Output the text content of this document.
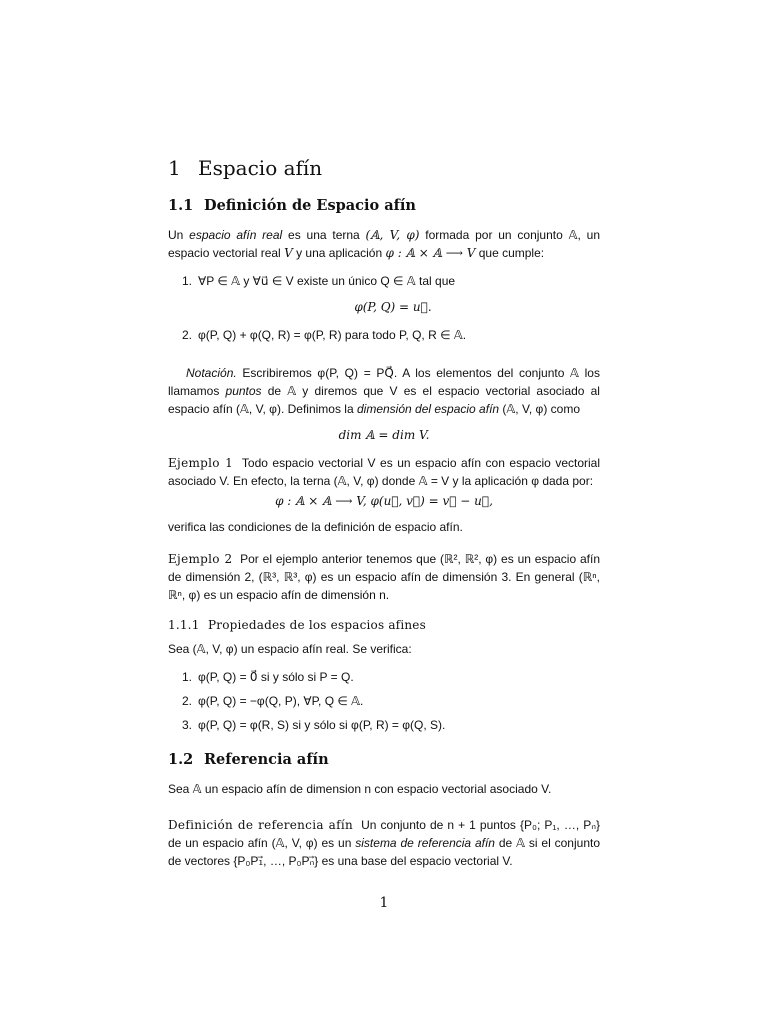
1 Espacio afín
1.1 Definición de Espacio afín

Un espacio afín real es una terna (𝔸, V, φ) formada por un conjunto 𝔸, un espacio vectorial real V y una aplicación φ : 𝔸 × 𝔸 ⟶ V que cumple:

1. ∀P ∈ 𝔸 y ∀u⃗ ∈ V existe un único Q ∈ 𝔸 tal que
φ(P, Q) = u⃗.
2. φ(P, Q) + φ(Q, R) = φ(P, R) para todo P, Q, R ∈ 𝔸.

Notación. Escribiremos φ(P, Q) = PQ⃗. A los elementos del conjunto 𝔸 los llamamos puntos de 𝔸 y diremos que V es el espacio vectorial asociado al espacio afín (𝔸, V, φ). Definimos la dimensión del espacio afín (𝔸, V, φ) como

dim 𝔸 = dim V.

Ejemplo 1 Todo espacio vectorial V es un espacio afín con espacio vectorial asociado V. En efecto, la terna (𝔸, V, φ) donde 𝔸 = V y la aplicación φ dada por:

φ : 𝔸 × 𝔸 ⟶ V, φ(u⃗, v⃗) = v⃗ − u⃗,

verifica las condiciones de la definición de espacio afín.

Ejemplo 2 Por el ejemplo anterior tenemos que (ℝ², ℝ², φ) es un espacio afín de dimensión 2, (ℝ³, ℝ³, φ) es un espacio afín de dimensión 3. En general (ℝⁿ, ℝⁿ, φ) es un espacio afín de dimensión n.

1.1.1 Propiedades de los espacios afines

Sea (𝔸, V, φ) un espacio afín real. Se verifica:

1. φ(P, Q) = 0⃗ si y sólo si P = Q.
2. φ(P, Q) = −φ(Q, P), ∀P, Q ∈ 𝔸.
3. φ(P, Q) = φ(R, S) si y sólo si φ(P, R) = φ(Q, S).
1.2 Referencia afín

Sea 𝔸 un espacio afín de dimension n con espacio vectorial asociado V.

Definición de referencia afín Un conjunto de n + 1 puntos {P₀; P₁, …, Pₙ} de un espacio afín (𝔸, V, φ) es un sistema de referencia afín de 𝔸 si el conjunto de vectores {P₀P₁⃗, …, P₀Pₙ⃗} es una base del espacio vectorial V.

1
